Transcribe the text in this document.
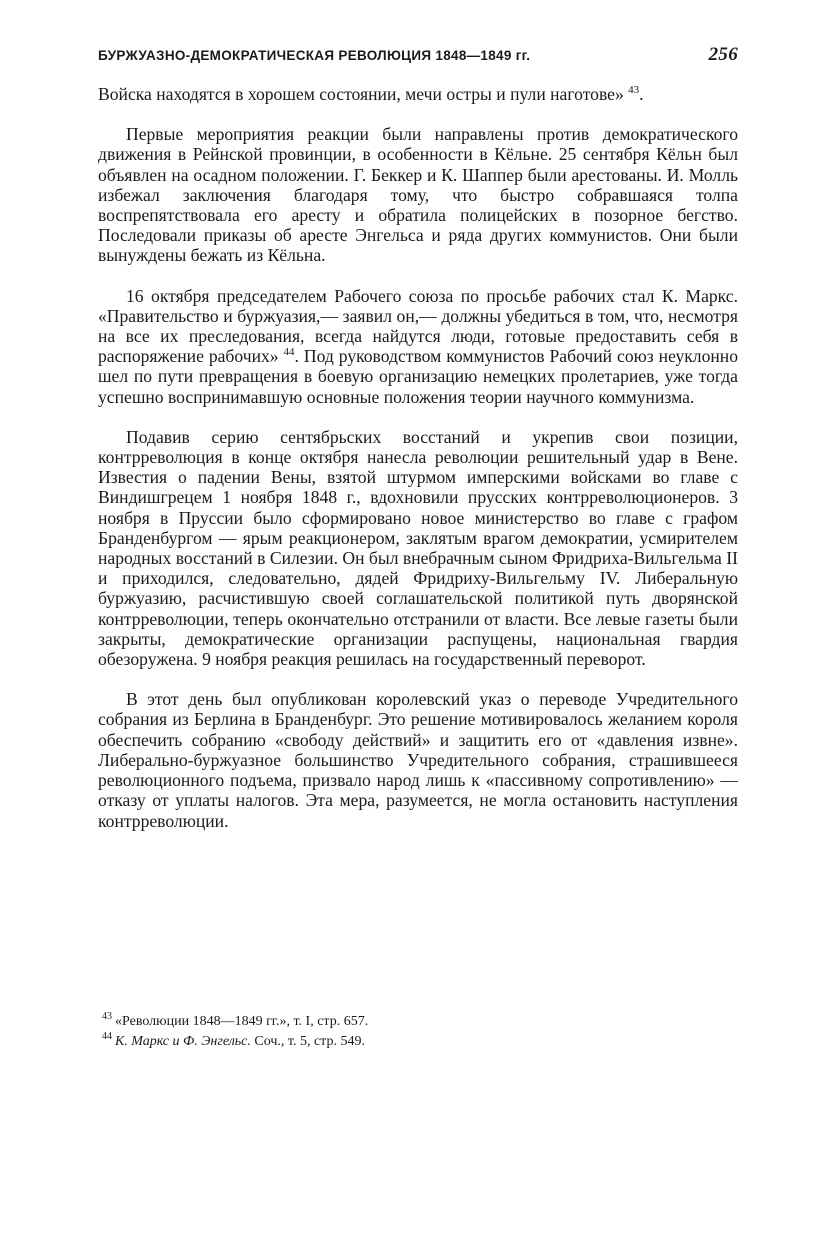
БУРЖУАЗНО-ДЕМОКРАТИЧЕСКАЯ РЕВОЛЮЦИЯ 1848—1849 гг.	256

Войска находятся в хорошем состоянии, мечи остры и пули наготове» $^{43}$.

Первые мероприятия реакции были направлены против демократического движения в Рейнской провинции, в особенности в Кёльне. 25 сентября Кёльн был объявлен на осадном положении. Г. Беккер и К. Шаппер были арестованы. И. Молль избежал заключения благодаря тому, что быстро собравшаяся толпа воспрепятствовала его аресту и обратила полицейских в позорное бегство. Последовали приказы об аресте Энгельса и ряда других коммунистов. Они были вынуждены бежать из Кёльна.

16 октября председателем Рабочего союза по просьбе рабочих стал К. Маркс. «Правительство и буржуазия,— заявил он,— должны убедиться в том, что, несмотря на все их преследования, всегда найдутся люди, готовые предоставить себя в распоряжение рабочих» $^{44}$. Под руководством коммунистов Рабочий союз неуклонно шел по пути превращения в боевую организацию немецких пролетариев, уже тогда успешно воспринимавшую основные положения теории научного коммунизма.

Подавив серию сентябрьских восстаний и укрепив свои позиции, контрреволюция в конце октября нанесла революции решительный удар в Вене. Известия о падении Вены, взятой штурмом имперскими войсками во главе с Виндишгрецем 1 ноября 1848 г., вдохновили прусских контрреволюционеров. 3 ноября в Пруссии было сформировано новое министерство во главе с графом Бранденбургом — ярым реакционером, заклятым врагом демократии, усмирителем народных восстаний в Силезии. Он был внебрачным сыном Фридриха-Вильгельма II и приходился, следовательно, дядей Фридриху-Вильгельму IV. Либеральную буржуазию, расчистившую своей соглашательской политикой путь дворянской контрреволюции, теперь окончательно отстранили от власти. Все левые газеты были закрыты, демократические организации распущены, национальная гвардия обезоружена. 9 ноября реакция решилась на государственный переворот.

В этот день был опубликован королевский указ о переводе Учредительного собрания из Берлина в Бранденбург. Это решение мотивировалось желанием короля обеспечить собранию «свободу действий» и защитить его от «давления извне». Либерально-буржуазное большинство Учредительного собрания, страшившееся революционного подъема, призвало народ лишь к «пассивному сопротивлению» — отказу от уплаты налогов. Эта мера, разумеется, не могла остановить наступления контрреволюции.

$^{43}$ «Революции 1848—1849 гг.», т. I, стр. 657.
$^{44}$ К. Маркс и Ф. Энгельс. Соч., т. 5, стр. 549.
